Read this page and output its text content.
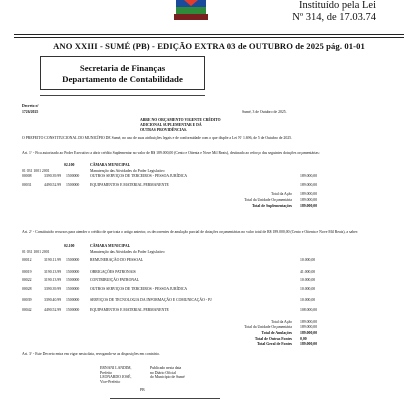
Instituído pela Lei
Nº 314, de 17.03.74
ANO XXIII - SUMÉ (PB) - EDIÇÃO EXTRA 03 de OUTUBRO de 2025 pág. 01-01
Secretaria de Finanças
Departamento de Contabilidade
Decreto nº
1726/2025	Sumé, 3 de Outubro de 2025.
ABRE NO ORÇAMENTO VIGENTE CRÉDITO
ADICIONAL SUPLEMENTAR E DÁ
OUTRAS PROVIDÊNCIAS.
O PREFEITO CONSTITUCIONAL DO MUNICÍPIO DE Sumé, no uso de suas atribuições legais e de conformidade com o que dispõe a Lei Nº 1.696, de 5 de Outubro de 2025.
Art. 1º - Fica autorizado ao Poder Executivo a abrir crédito Suplementar no valor de R$ 189.000,00 (Cento e Oitenta e Nove Mil Reais), destinado ao reforço das seguintes dotações orçamentárias:
02.100	CÂMARA MUNICIPAL
01 031 1001 2001	Manutenção das Atividades do Poder Legislativo
00008	3390.39.99 1500000	OUTROS SERVIÇOS DE TERCEIROS - PESSOA JURÍDICA	189.000,00
00031	4490.52.99 1500000	EQUIPAMENTOS E MATERIAL PERMANENTE	189.000,00
Total da Ação 189.000,00
Total da Unidade Orçamentária 189.000,00
Total de Suplementações 189.000,00
Art. 2º - Constituirão recursos para atender o crédito de que trata o artigo anterior, os decorrentes de anulação parcial de dotações orçamentárias no valor total de R$ 189.000,00 (Cento e Oitenta e Nove Mil Reais), a saber:
02.100	CÂMARA MUNICIPAL
01 031 1001 2001	Manutenção das Atividades do Poder Legislativo
00012	3190.11.99 1500000	REMUNERAÇÃO DO PESSOAL	10.000,00
00019	3190.13.99 1500000	OBRIGAÇÕES PATRONAIS	41.000,00
00022	3190.13.99 1500000	CONTRIBUIÇÃO PATRONAL	10.000,00
00028	3390.39.99 1500000	OUTROS SERVIÇOS DE TERCEIROS - PESSOA JURÍDICA	10.000,00
00039	3390.40.99 1500000	SERVIÇOS DE TECNOLOGIA DA INFORMAÇÃO E COMUNICAÇÃO - PJ	10.000,00
00042	4490.52.99 1500000	EQUIPAMENTOS E MATERIAL PERMANENTE	108.000,00
Total da Ação 189.000,00
Total da Unidade Orçamentária 189.000,00
Total de Anulações 189.000,00
Total de Outras Fontes 0,00
Total Geral de Fontes 189.000,00
Art. 3º - Este Decreto entra em vigor nesta data, revogando-se as disposições em contrário.
ERNANI LANDIM,
Prefeito
LEONARDO JOSÉ,
Vice-Prefeito
Publicado nesta data
no Diário Oficial
do Município de Sumé
PB
